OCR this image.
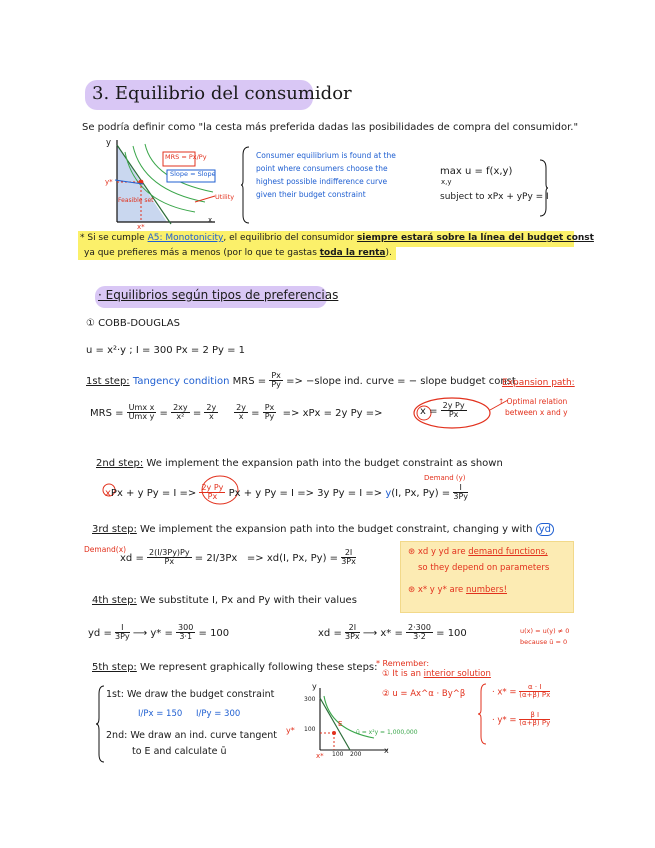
3. Equilibrio del consumidor
Se podría definir como "la cesta más preferida dadas las posibilidades de compra del consumidor."
y
x
y*
x*
Feasible set
MRS = Px/Py
Slope = Slope
Utility
Consumer equilibrium is found at the
point where consumers choose the
highest possible indifference curve
given their budget constraint
max u = f(x,y)
x,y
subject to xPx + yPy = I
* Si se cumple A5: Monotonicity, el equilibrio del consumidor siempre estará sobre la línea del budget const
ya que prefieres más a menos (por lo que te gastas toda la renta).
· Equilibrios según tipos de preferencias
① COBB-DOUGLAS
u = x²·y ; I = 300 Px = 2 Py = 1
1st step: Tangency condition MRS = $\frac{Px}{Py}$ => −slope ind. curve = − slope budget const.
Expansion path:
↑ Optimal relation
between x and y
MRS = $\frac{\text{Umx x}}{\text{Umx y}} = \frac{2xy}{\text{x²}} = \frac{2y}{x}$
$\frac{2y}{x} = \frac{Px}{Py}$ => xPx = 2y Py =>	$x = \frac{\text{2y Py}}{Px}$
2nd step: We implement the expansion path into the budget constraint as shown
Demand (y)
xPx + y $Py = I => \frac{\text{2y Py}}{Px}$ Px + y Py = I => 3y Py = I => y(I, Px, $Py) = \frac{I}{3Py}$
3rd step: We implement the expansion path into the budget constraint, changing y with yd
Demand(x)
xd = $\frac{2(I/3Py)Py}{Px} = 2I/3Px => xd(I$, Px, $Py) = \frac{2I}{3Px}$	⊛ xd y yd are demand functions,
so they depend on parameters
⊛ x* y y* are numbers!
4th step: We substitute I, Px and Py with their values
yd = $\frac{I}{3Py}$ ⟶ $y* = \frac{300}{3\cdot 1} = 100$	xd = $\frac{2I}{3Px}$ ⟶ $x* = \frac{2\cdot 300}{3\cdot 2} = 100$
5th step: We represent graphically following these steps:
1st: We draw the budget constraint
I/Px = 150 I/Py = 300
2nd: We draw an ind. curve tangent
to E and calculate ū
y
x
300
100
100 200
y*
x*
E
ū = x²y = 1,000,000
* Remember:
① It is an interior solution
② u = Ax^α · By^β	· $x* = \frac{\alpha \cdot I}{(\alpha+\beta) Px}$
· $y* = \frac{\text{β I}}{(\alpha+\beta) Py}$
u(x) = u(y) ≠ 0
because ū = 0
